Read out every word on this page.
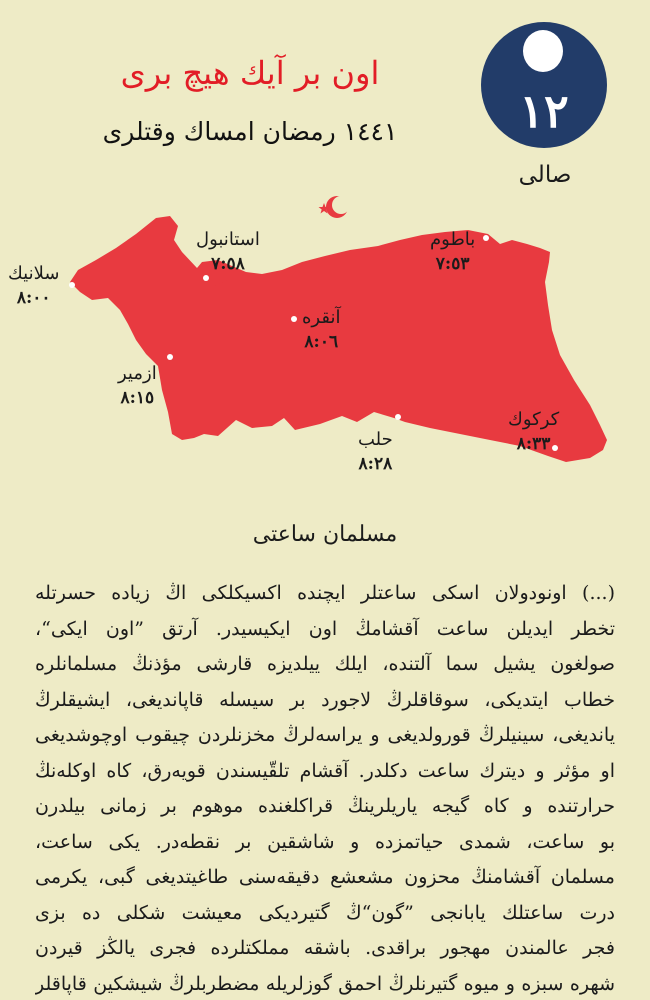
اون بر آیك هیچ بری
١٤٤١ رمضان امساك وقتلری	١٢
صالی
استانبول
٧:٥٨
باطوم
٧:٥٣
سلانیك
٨:٠٠
آنقره
٨:٠٦
ازمیر
٨:١٥
حلب
٨:٢٨
كركوك
٨:٣٣
مسلمان ساعتی
(...) اونودولان اسكی ساعتلر ایچنده اكسیكلكی اڭ زیاده حسرتله
تخطر ایدیلن ساعت آقشامڭ اون ایكیسیدر. آرتق ”اون ایكی“،
صولغون یشیل سما آلتنده، ایلك ییلدیزه قارشی مؤذنڭ مسلمانلره
خطاب ایتدیكی، سوقاقلرڭ لاجورد بر سیسله قاپاندیغی، ایشیقلرڭ
یاندیغی، سینیلرڭ قورولدیغی و یراسه‌لرڭ مخزنلردن چیقوب اوچوشدیغی
او مؤثر و دیترك ساعت دكلدر. آقشام تلقّیسندن قویه‌رق، كاه اوكله‌نڭ
حرارتنده و كاه گیجه یاریلرینڭ قراكلغنده موهوم بر زمانی بیلدرن
بو ساعت، شمدی حیاتمزده و شاشقین بر نقطه‌در. یكی ساعت،
مسلمان آقشامنڭ محزون مشعشع دقیقه‌سنی طاغیتدیغی گبی، یكرمی
درت ساعتلك یابانجی ”گون“ڭ گتیردیكی معیشت شكلی ده بزی
فجر عالمندن مهجور براقدی. باشقه مملكتلرده فجری یالڭز قیردن
شهره سبزه و میوه گتیرنلرڭ احمق گوزلریله مضطربلرڭ شیشكین قاپاقلر
